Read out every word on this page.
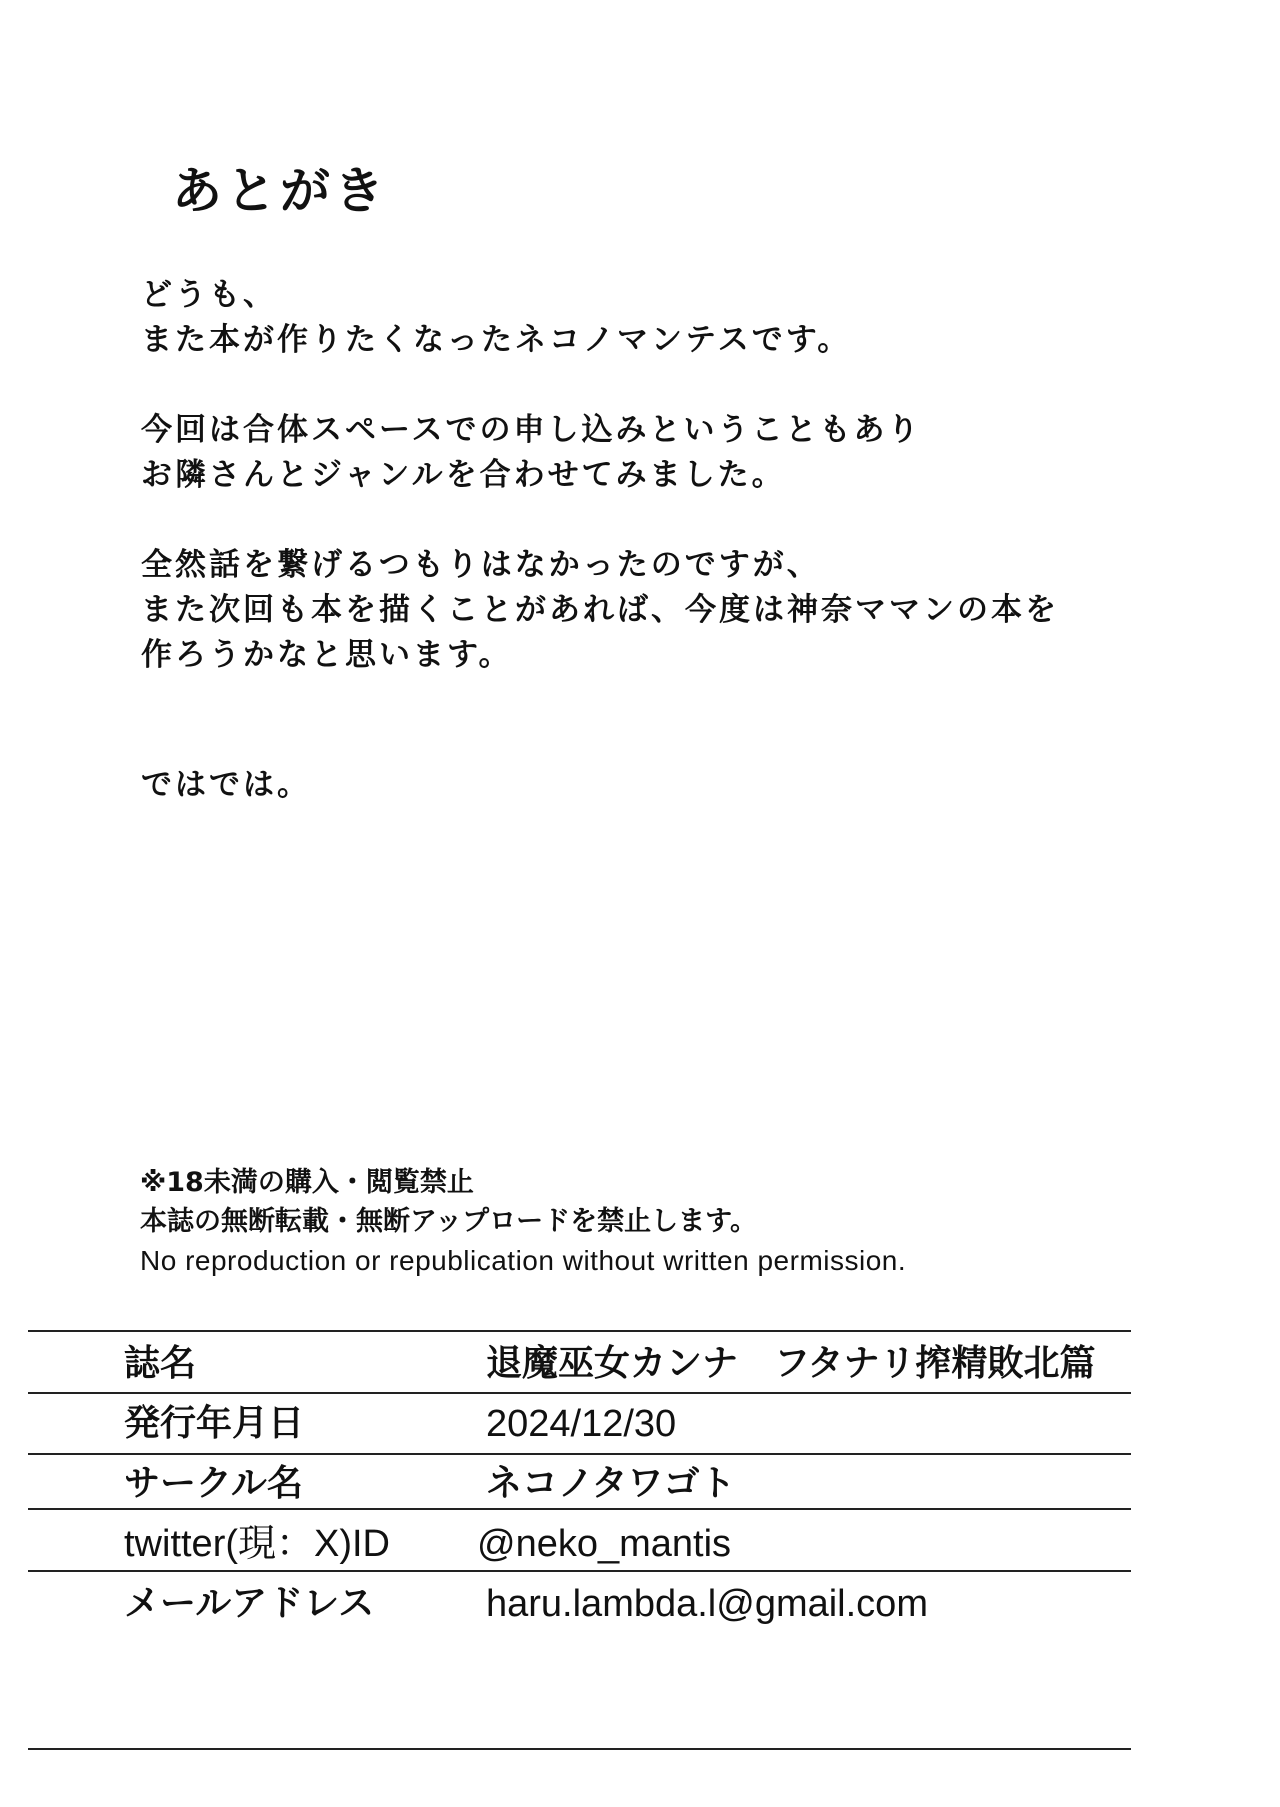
あとがき

どうも、
また本が作りたくなったネコノマンテスです。

今回は合体スペースでの申し込みということもあり
お隣さんとジャンルを合わせてみました。

全然話を繋げるつもりはなかったのですが、
また次回も本を描くことがあれば、今度は神奈ママンの本を
作ろうかなと思います。

ではでは。

※18未満の購入・閲覧禁止
本誌の無断転載・無断アップロードを禁止します。
No reproduction or republication without written permission.
誌名	退魔巫女カンナ　フタナリ搾精敗北篇
発行年月日	2024/12/30
サークル名	ネコノタワゴト
twitter(現：X)ID @neko_mantis
メールアドレス	haru.lambda.l@gmail.com
